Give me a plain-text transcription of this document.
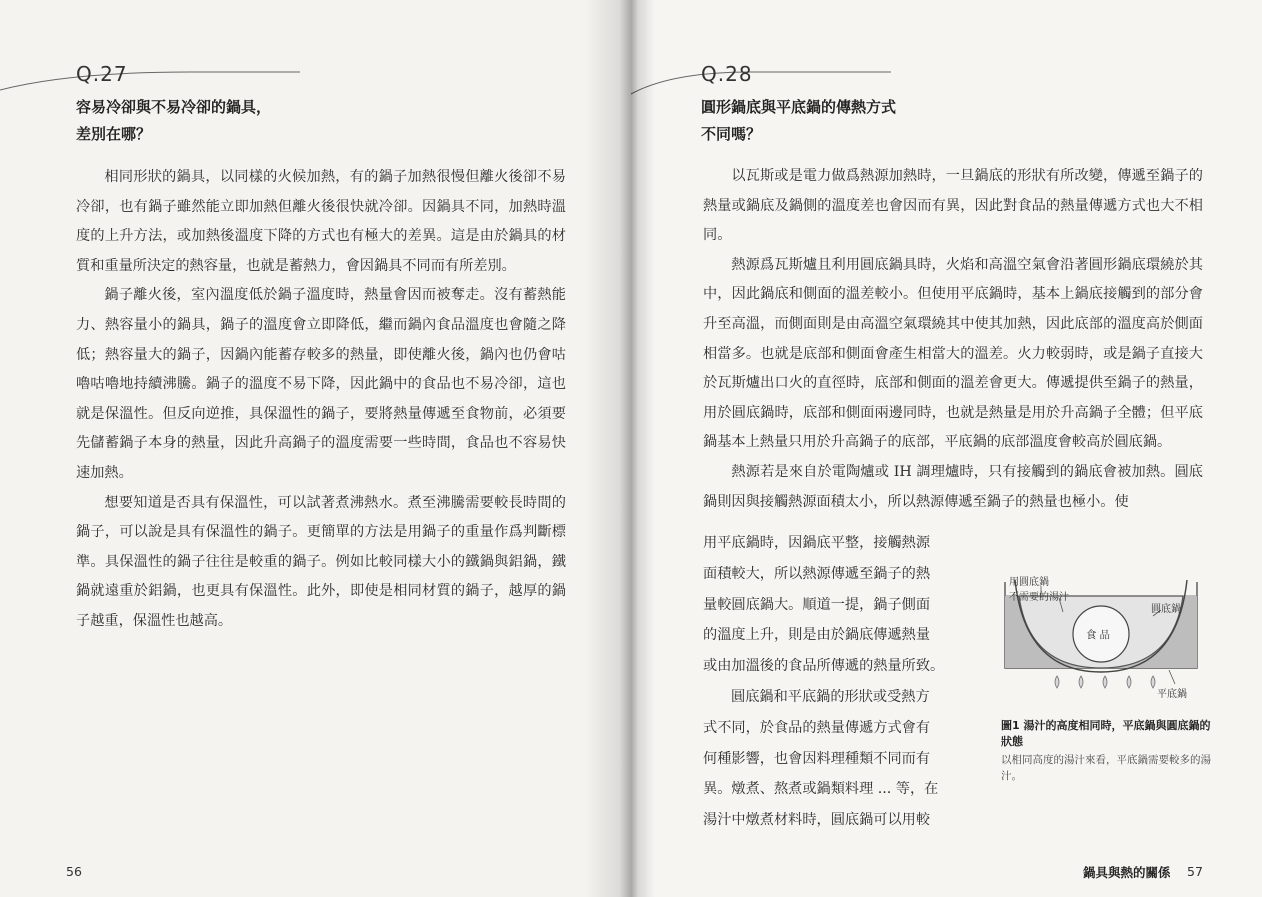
Q.27
容易冷卻與不易冷卻的鍋具，
差別在哪？

相同形狀的鍋具，以同樣的火候加熱，有的鍋子加熱很慢但離火後卻不易冷卻，也有鍋子雖然能立即加熱但離火後很快就冷卻。因鍋具不同，加熱時溫度的上升方法，或加熱後溫度下降的方式也有極大的差異。這是由於鍋具的材質和重量所決定的熱容量，也就是蓄熱力，會因鍋具不同而有所差別。

鍋子離火後，室內溫度低於鍋子溫度時，熱量會因而被奪走。沒有蓄熱能力、熱容量小的鍋具，鍋子的溫度會立即降低，繼而鍋內食品溫度也會隨之降低；熱容量大的鍋子，因鍋內能蓄存較多的熱量，即使離火後，鍋內也仍會咕嚕咕嚕地持續沸騰。鍋子的溫度不易下降，因此鍋中的食品也不易冷卻，這也就是保溫性。但反向逆推，具保溫性的鍋子，要將熱量傳遞至食物前，必須要先儲蓄鍋子本身的熱量，因此升高鍋子的溫度需要一些時間，食品也不容易快速加熱。

想要知道是否具有保溫性，可以試著煮沸熱水。煮至沸騰需要較長時間的鍋子，可以說是具有保溫性的鍋子。更簡單的方法是用鍋子的重量作爲判斷標準。具保溫性的鍋子往往是較重的鍋子。例如比較同樣大小的鐵鍋與鋁鍋，鐵鍋就遠重於鋁鍋，也更具有保溫性。此外，即使是相同材質的鍋子，越厚的鍋子越重，保溫性也越高。

56
Q.28
圓形鍋底與平底鍋的傳熱方式
不同嗎？

以瓦斯或是電力做爲熱源加熱時，一旦鍋底的形狀有所改變，傳遞至鍋子的熱量或鍋底及鍋側的溫度差也會因而有異，因此對食品的熱量傳遞方式也大不相同。

熱源爲瓦斯爐且利用圓底鍋具時，火焰和高溫空氣會沿著圓形鍋底環繞於其中，因此鍋底和側面的溫差較小。但使用平底鍋時，基本上鍋底接觸到的部分會升至高溫，而側面則是由高溫空氣環繞其中使其加熱，因此底部的溫度高於側面相當多。也就是底部和側面會產生相當大的溫差。火力較弱時，或是鍋子直接大於瓦斯爐出口火的直徑時，底部和側面的溫差會更大。傳遞提供至鍋子的熱量，用於圓底鍋時，底部和側面兩邊同時，也就是熱量是用於升高鍋子全體；但平底鍋基本上熱量只用於升高鍋子的底部，平底鍋的底部溫度會較高於圓底鍋。

熱源若是來自於電陶爐或 IH 調理爐時，只有接觸到的鍋底會被加熱。圓底鍋則因與接觸熱源面積太小，所以熱源傳遞至鍋子的熱量也極小。使

用平底鍋時，因鍋底平整，接觸熱源
面積較大，所以熱源傳遞至鍋子的熱
量較圓底鍋大。順道一提，鍋子側面
的溫度上升，則是由於鍋底傳遞熱量
或由加溫後的食品所傳遞的熱量所致。
圓底鍋和平底鍋的形狀或受熱方
式不同，於食品的熱量傳遞方式會有
何種影響，也會因料理種類不同而有
異。燉煮、熬煮或鍋類料理 ... 等，在
湯汁中燉煮材料時，圓底鍋可以用較
用圓底鍋
不需要的湯汁
圓底鍋
食品
平底鍋
圖1 湯汁的高度相同時，平底鍋與圓底鍋的狀態
以相同高度的湯汁來看，平底鍋需要較多的湯汁。
鍋具與熱的關係 57
